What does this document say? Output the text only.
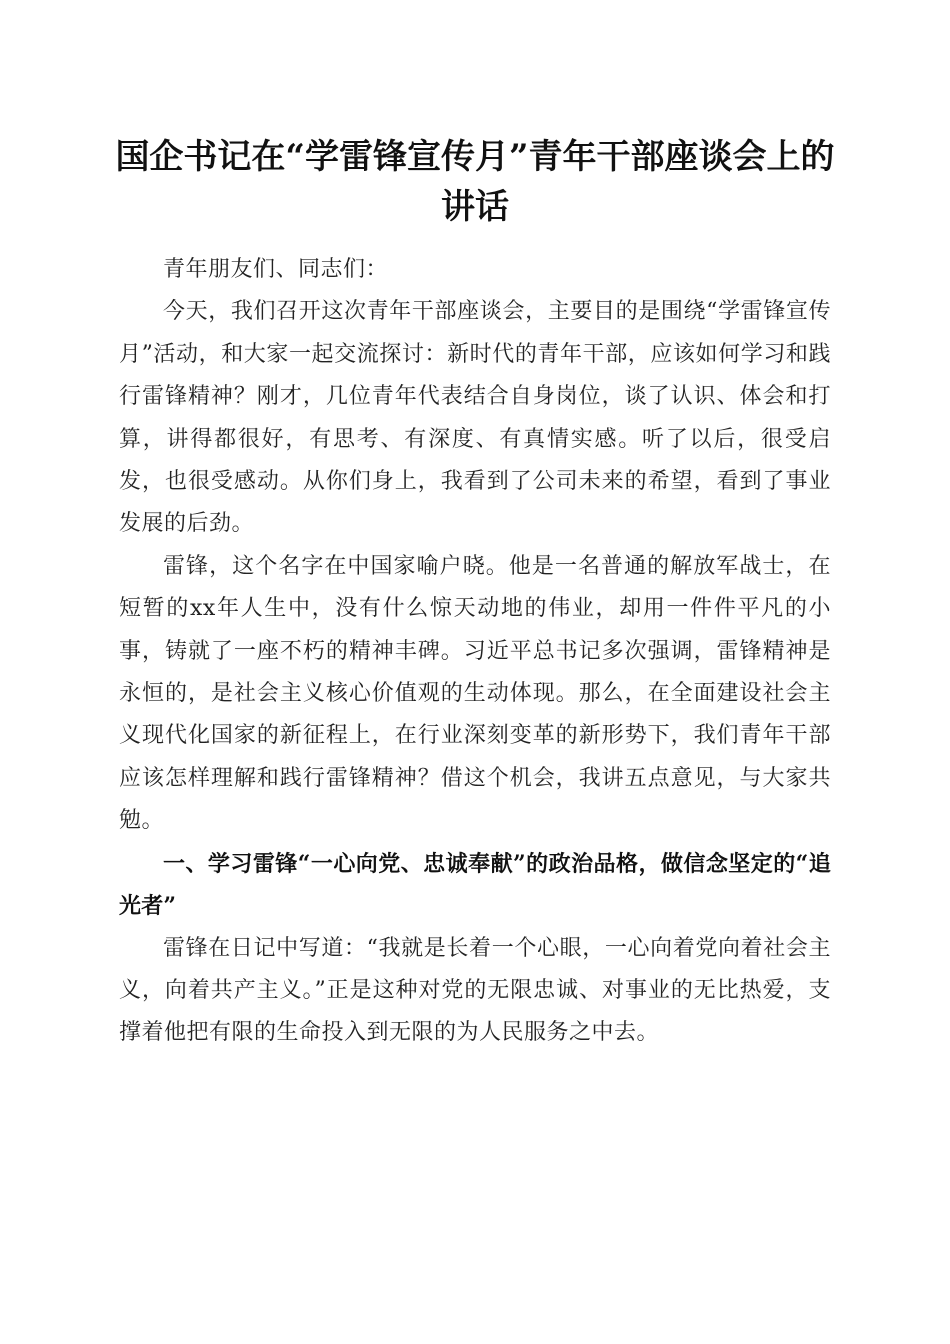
国企书记在“学雷锋宣传月”青年干部座谈会上的讲话

青年朋友们、同志们：

今天，我们召开这次青年干部座谈会，主要目的是围绕“学雷锋宣传月”活动，和大家一起交流探讨：新时代的青年干部，应该如何学习和践行雷锋精神？刚才，几位青年代表结合自身岗位，谈了认识、体会和打算，讲得都很好，有思考、有深度、有真情实感。听了以后，很受启发，也很受感动。从你们身上，我看到了公司未来的希望，看到了事业发展的后劲。

雷锋，这个名字在中国家喻户晓。他是一名普通的解放军战士，在短暂的xx年人生中，没有什么惊天动地的伟业，却用一件件平凡的小事，铸就了一座不朽的精神丰碑。习近平总书记多次强调，雷锋精神是永恒的，是社会主义核心价值观的生动体现。那么，在全面建设社会主义现代化国家的新征程上，在行业深刻变革的新形势下，我们青年干部应该怎样理解和践行雷锋精神？借这个机会，我讲五点意见，与大家共勉。

一、学习雷锋“一心向党、忠诚奉献”的政治品格，做信念坚定的“追光者”

雷锋在日记中写道：“我就是长着一个心眼，一心向着党向着社会主义，向着共产主义。”正是这种对党的无限忠诚、对事业的无比热爱，支撑着他把有限的生命投入到无限的为人民服务之中去。
